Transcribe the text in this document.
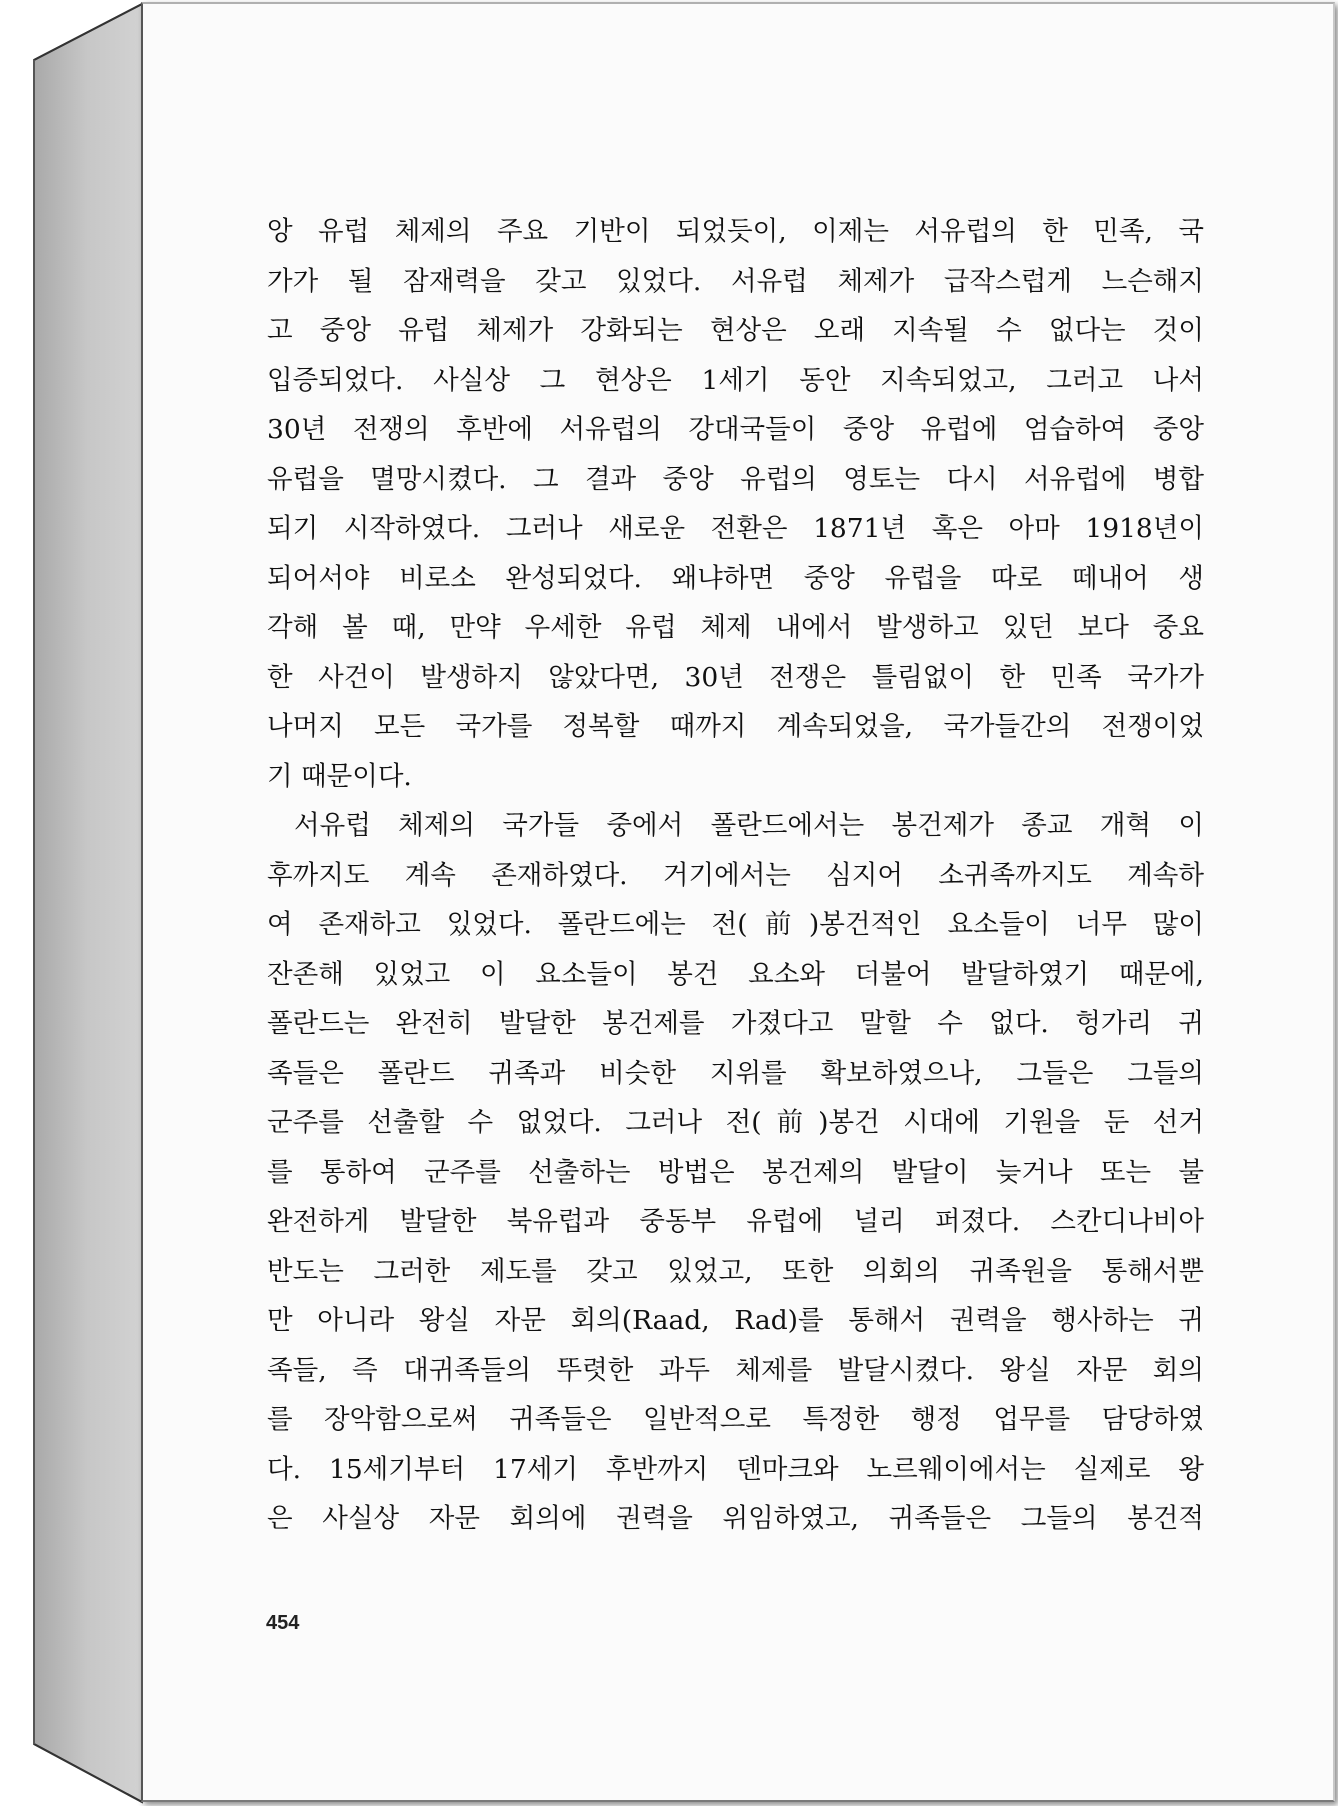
앙 유럽 체제의 주요 기반이 되었듯이, 이제는 서유럽의 한 민족, 국
가가 될 잠재력을 갖고 있었다. 서유럽 체제가 급작스럽게 느슨해지
고 중앙 유럽 체제가 강화되는 현상은 오래 지속될 수 없다는 것이
입증되었다. 사실상 그 현상은 1세기 동안 지속되었고, 그러고 나서
30년 전쟁의 후반에 서유럽의 강대국들이 중앙 유럽에 엄습하여 중앙
유럽을 멸망시켰다. 그 결과 중앙 유럽의 영토는 다시 서유럽에 병합
되기 시작하였다. 그러나 새로운 전환은 1871년 혹은 아마 1918년이
되어서야 비로소 완성되었다. 왜냐하면 중앙 유럽을 따로 떼내어 생
각해 볼 때, 만약 우세한 유럽 체제 내에서 발생하고 있던 보다 중요
한 사건이 발생하지 않았다면, 30년 전쟁은 틀림없이 한 민족 국가가
나머지 모든 국가를 정복할 때까지 계속되었을, 국가들간의 전쟁이었
기 때문이다.
서유럽 체제의 국가들 중에서 폴란드에서는 봉건제가 종교 개혁 이
후까지도 계속 존재하였다. 거기에서는 심지어 소귀족까지도 계속하
여 존재하고 있었다. 폴란드에는 전(前)봉건적인 요소들이 너무 많이
잔존해 있었고 이 요소들이 봉건 요소와 더불어 발달하였기 때문에,
폴란드는 완전히 발달한 봉건제를 가졌다고 말할 수 없다. 헝가리 귀
족들은 폴란드 귀족과 비슷한 지위를 확보하였으나, 그들은 그들의
군주를 선출할 수 없었다. 그러나 전(前)봉건 시대에 기원을 둔 선거
를 통하여 군주를 선출하는 방법은 봉건제의 발달이 늦거나 또는 불
완전하게 발달한 북유럽과 중동부 유럽에 널리 퍼졌다. 스칸디나비아
반도는 그러한 제도를 갖고 있었고, 또한 의회의 귀족원을 통해서뿐
만 아니라 왕실 자문 회의(Raad, Rad)를 통해서 권력을 행사하는 귀
족들, 즉 대귀족들의 뚜렷한 과두 체제를 발달시켰다. 왕실 자문 회의
를 장악함으로써 귀족들은 일반적으로 특정한 행정 업무를 담당하였
다. 15세기부터 17세기 후반까지 덴마크와 노르웨이에서는 실제로 왕
은 사실상 자문 회의에 권력을 위임하였고, 귀족들은 그들의 봉건적
454
